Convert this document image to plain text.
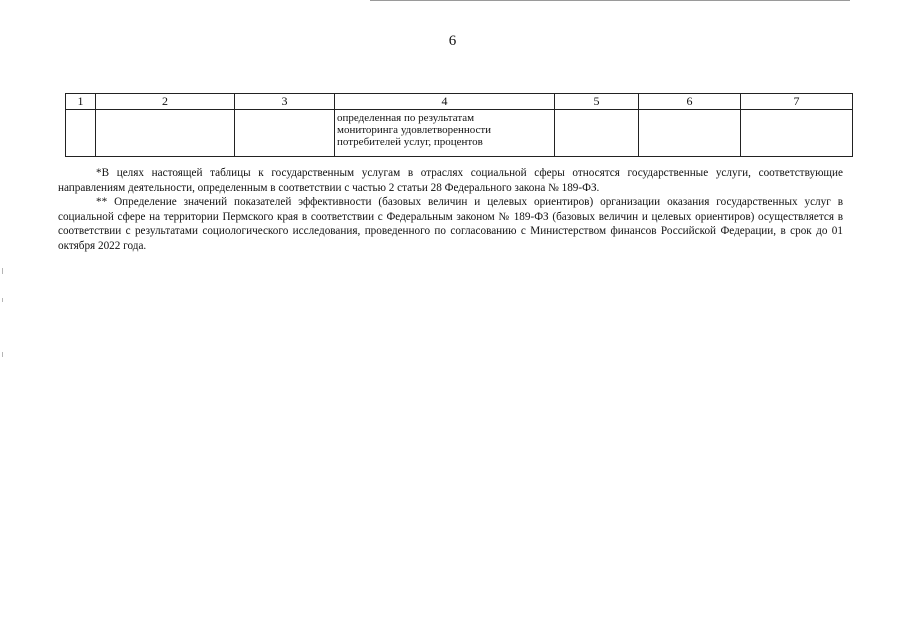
6
1	2	3	4	5	6	7

			определенная по результатам
мониторинга удовлетворенности
потребителей услуг, процентов			

*В целях настоящей таблицы к государственным услугам в отраслях социальной сферы относятся государственные услуги, соответствующие направлениям деятельности, определенным в соответствии с частью 2 статьи 28 Федерального закона № 189-ФЗ.

** Определение значений показателей эффективности (базовых величин и целевых ориентиров) организации оказания государственных услуг в социальной сфере на территории Пермского края в соответствии с Федеральным законом № 189-ФЗ (базовых величин и целевых ориентиров) осуществляется в соответствии с результатами социологического исследования, проведенного по согласованию с Министерством финансов Российской Федерации, в срок до 01 октября 2022 года.
